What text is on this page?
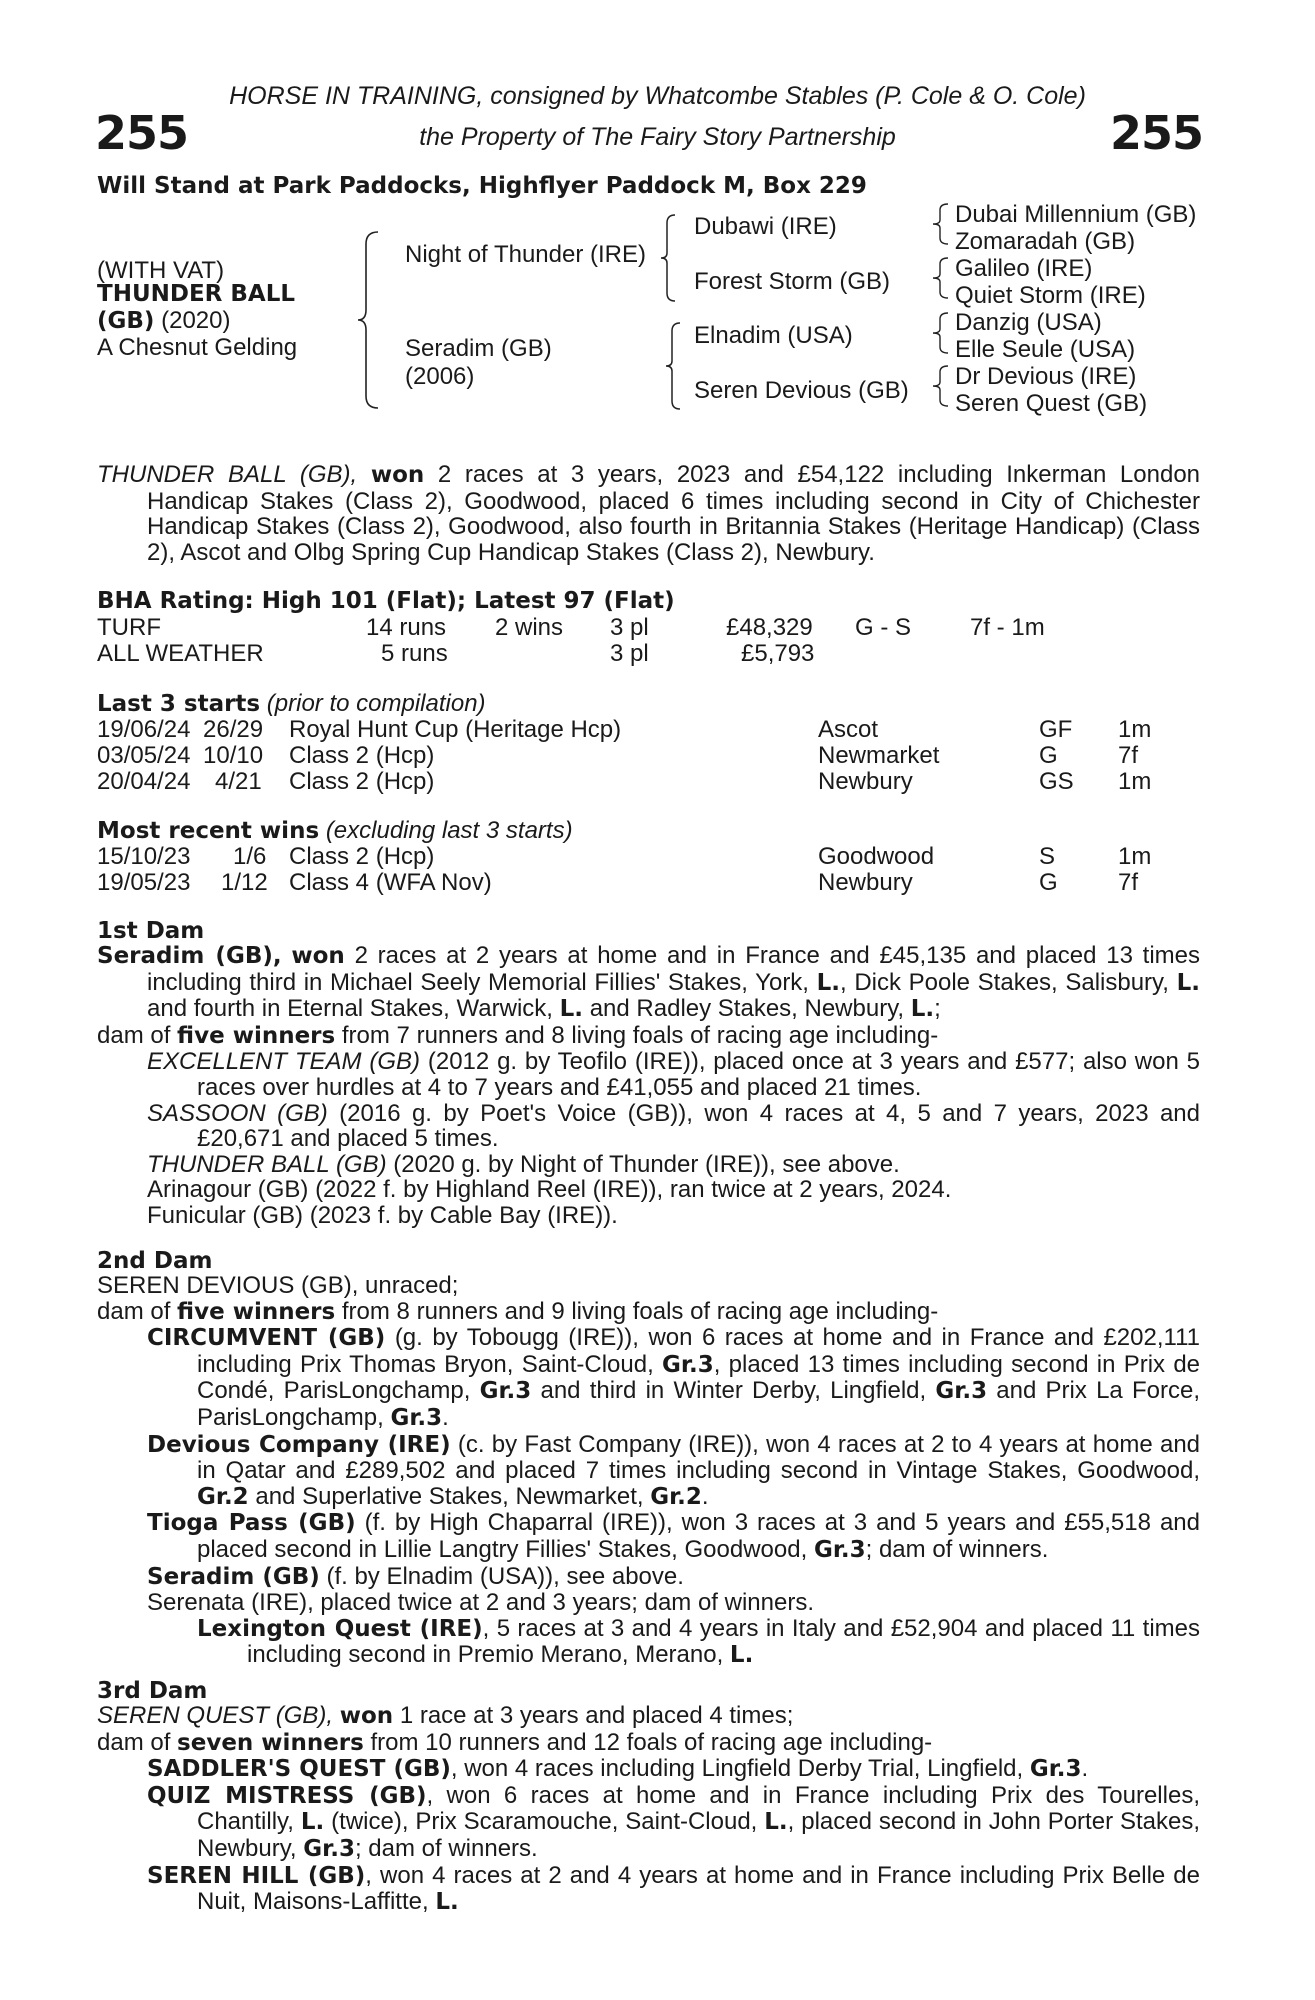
HORSE IN TRAINING, consigned by Whatcombe Stables (P. Cole & O. Cole)
255	the Property of The Fairy Story Partnership	255
Will Stand at Park Paddocks, Highflyer Paddock M, Box 229
(WITH VAT)
THUNDER BALL
(GB) (2020)
A Chesnut Gelding
Night of Thunder (IRE)
Seradim (GB)
(2006)
Dubawi (IRE)
Forest Storm (GB)
Elnadim (USA)
Seren Devious (GB)
Dubai Millennium (GB)
Zomaradah (GB)
Galileo (IRE)
Quiet Storm (IRE)
Danzig (USA)
Elle Seule (USA)
Dr Devious (IRE)
Seren Quest (GB)

THUNDER BALL (GB), won 2 races at 3 years, 2023 and £54,122 including Inkerman London Handicap Stakes (Class 2), Goodwood, placed 6 times including second in City of Chichester Handicap Stakes (Class 2), Goodwood, also fourth in Britannia Stakes (Heritage Handicap) (Class 2), Ascot and Olbg Spring Cup Handicap Stakes (Class 2), Newbury.

BHA Rating: High 101 (Flat); Latest 97 (Flat)
TURF	14 runs 2 wins 3 pl	£48,329 G - S 7f - 1m
ALL WEATHER	5 runs	3 pl	£5,793
Last 3 starts (prior to compilation)
19/06/24 26/29 Royal Hunt Cup (Heritage Hcp)	Ascot	GF 1m
03/05/24 10/10 Class 2 (Hcp)	Newmarket	G	7f
20/04/24 4/21 Class 2 (Hcp)	Newbury	GS 1m
Most recent wins (excluding last 3 starts)
15/10/23 1/6 Class 2 (Hcp)	Goodwood	S	1m
19/05/23 1/12 Class 4 (WFA Nov)	Newbury	G	7f
1st Dam

Seradim (GB), won 2 races at 2 years at home and in France and £45,135 and placed 13 times including third in Michael Seely Memorial Fillies' Stakes, York, L., Dick Poole Stakes, Salisbury, L. and fourth in Eternal Stakes, Warwick, L. and Radley Stakes, Newbury, L.;

dam of five winners from 7 runners and 8 living foals of racing age including-

EXCELLENT TEAM (GB) (2012 g. by Teofilo (IRE)), placed once at 3 years and £577; also won 5 races over hurdles at 4 to 7 years and £41,055 and placed 21 times.

SASSOON (GB) (2016 g. by Poet's Voice (GB)), won 4 races at 4, 5 and 7 years, 2023 and £20,671 and placed 5 times.

THUNDER BALL (GB) (2020 g. by Night of Thunder (IRE)), see above.

Arinagour (GB) (2022 f. by Highland Reel (IRE)), ran twice at 2 years, 2024.

Funicular (GB) (2023 f. by Cable Bay (IRE)).

2nd Dam

SEREN DEVIOUS (GB), unraced;

dam of five winners from 8 runners and 9 living foals of racing age including-

CIRCUMVENT (GB) (g. by Tobougg (IRE)), won 6 races at home and in France and £202,111 including Prix Thomas Bryon, Saint-Cloud, Gr.3, placed 13 times including second in Prix de Condé, ParisLongchamp, Gr.3 and third in Winter Derby, Lingfield, Gr.3 and Prix La Force, ParisLongchamp, Gr.3.

Devious Company (IRE) (c. by Fast Company (IRE)), won 4 races at 2 to 4 years at home and in Qatar and £289,502 and placed 7 times including second in Vintage Stakes, Goodwood, Gr.2 and Superlative Stakes, Newmarket, Gr.2.

Tioga Pass (GB) (f. by High Chaparral (IRE)), won 3 races at 3 and 5 years and £55,518 and placed second in Lillie Langtry Fillies' Stakes, Goodwood, Gr.3; dam of winners.

Seradim (GB) (f. by Elnadim (USA)), see above.

Serenata (IRE), placed twice at 2 and 3 years; dam of winners.

Lexington Quest (IRE), 5 races at 3 and 4 years in Italy and £52,904 and placed 11 times including second in Premio Merano, Merano, L.

3rd Dam

SEREN QUEST (GB), won 1 race at 3 years and placed 4 times;

dam of seven winners from 10 runners and 12 foals of racing age including-

SADDLER'S QUEST (GB), won 4 races including Lingfield Derby Trial, Lingfield, Gr.3.

QUIZ MISTRESS (GB), won 6 races at home and in France including Prix des Tourelles, Chantilly, L. (twice), Prix Scaramouche, Saint-Cloud, L., placed second in John Porter Stakes, Newbury, Gr.3; dam of winners.

SEREN HILL (GB), won 4 races at 2 and 4 years at home and in France including Prix Belle de Nuit, Maisons-Laffitte, L.
